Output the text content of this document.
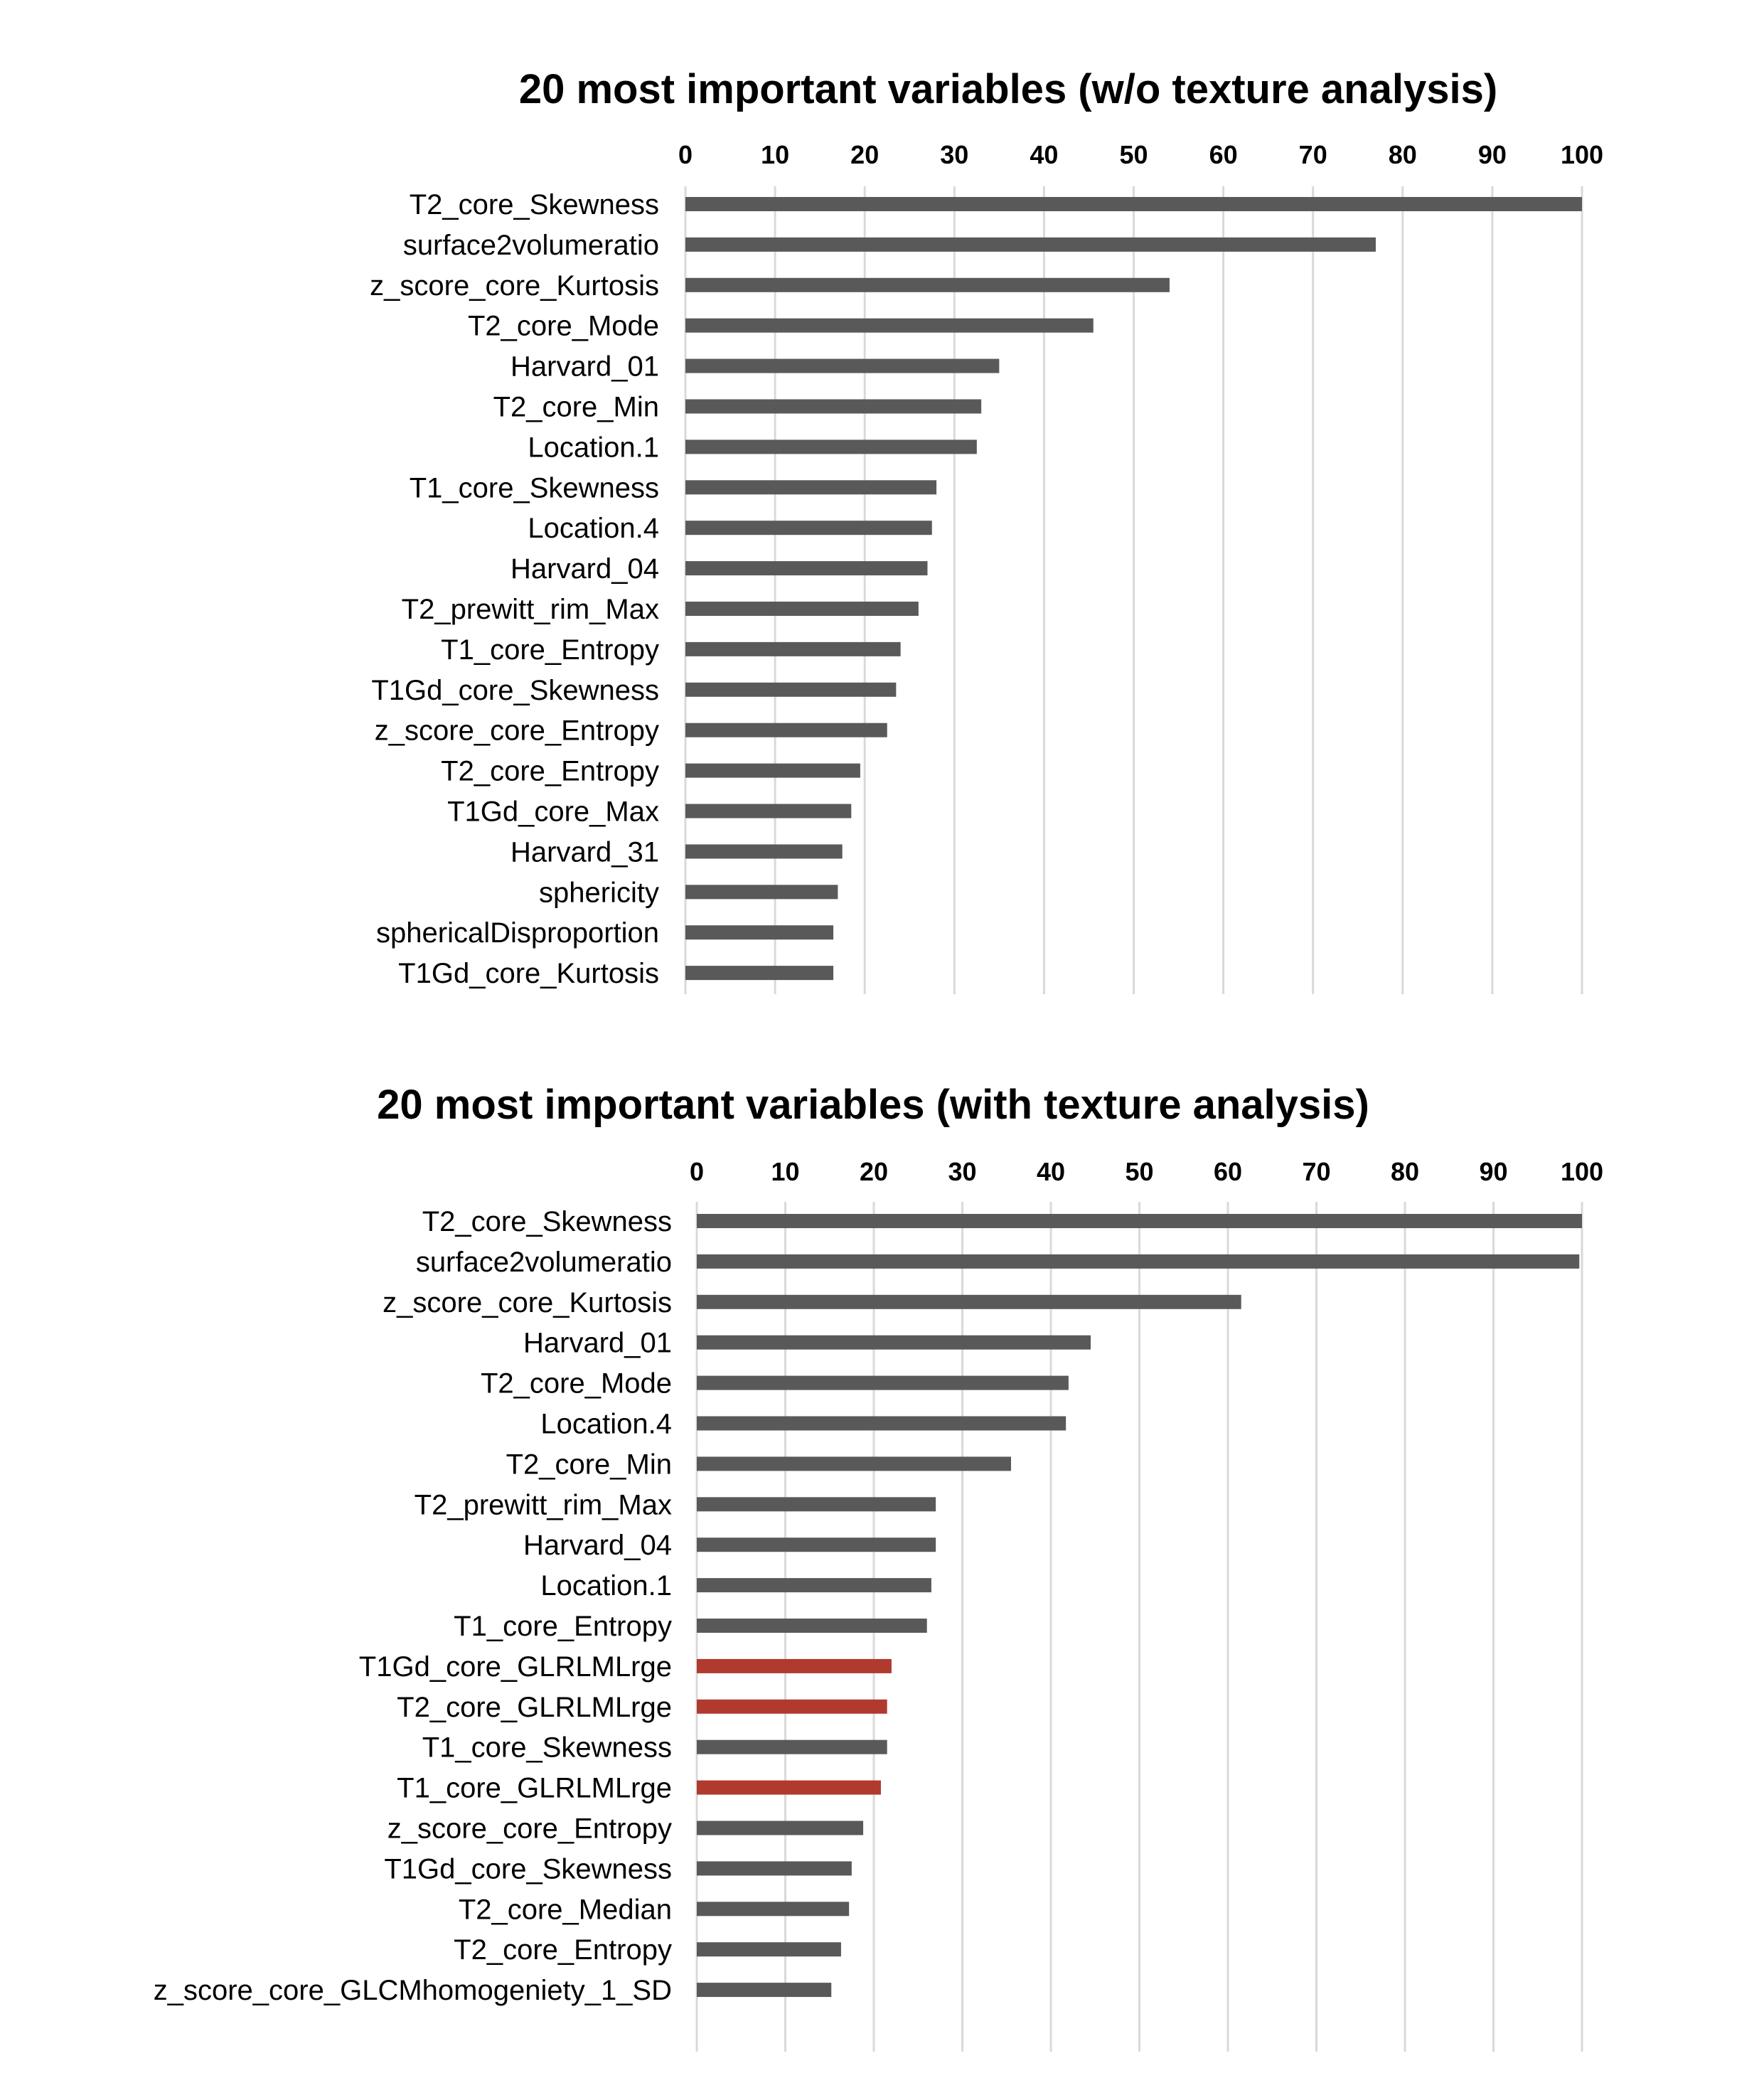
20 most important variables (w/o texture analysis)
0	10 20 30 40 50 60 70 80 90 100
T2_core_Skewness
surface2volumeratio
z_score_core_Kurtosis
T2_core_Mode
Harvard_01
T2_core_Min
Location.1
T1_core_Skewness
Location.4
Harvard_04
T2_prewitt_rim_Max
T1_core_Entropy
T1Gd_core_Skewness
z_score_core_Entropy
T2_core_Entropy
T1Gd_core_Max
Harvard_31
sphericity
sphericalDisproportion
T1Gd_core_Kurtosis
20 most important variables (with texture analysis)
0	10 20 30 40 50 60 70 80 90 100
T2_core_Skewness
surface2volumeratio
z_score_core_Kurtosis
Harvard_01
T2_core_Mode
Location.4
T2_core_Min
T2_prewitt_rim_Max
Harvard_04
Location.1
T1_core_Entropy
T1Gd_core_GLRLMLrge
T2_core_GLRLMLrge
T1_core_Skewness
T1_core_GLRLMLrge
z_score_core_Entropy
T1Gd_core_Skewness
T2_core_Median
T2_core_Entropy
z_score_core_GLCMhomogeniety_1_SD
